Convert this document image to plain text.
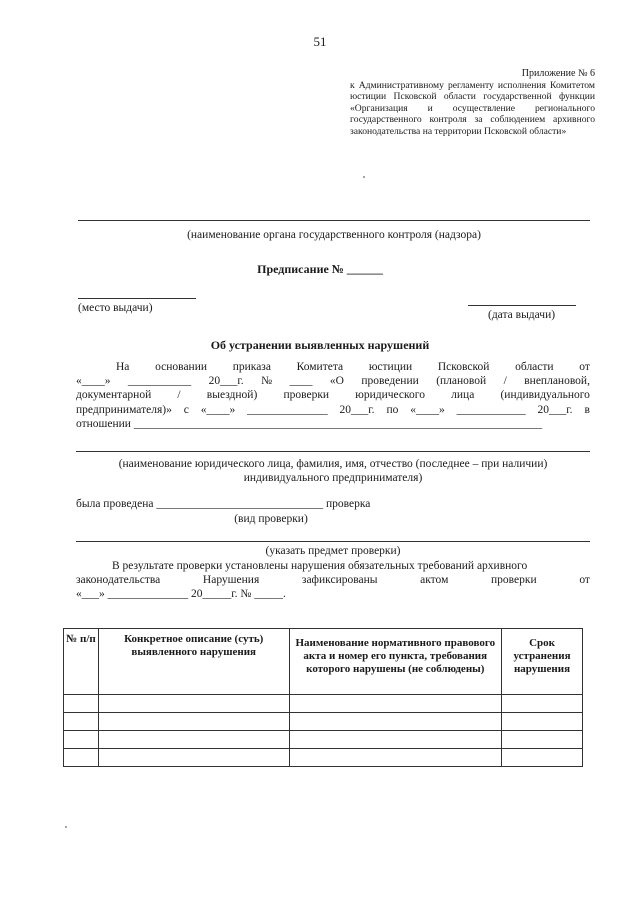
51
Приложение № 6
к Административному регламенту исполнения Комитетом юстиции Псковской области государственной функции «Организация и осуществление регионального государственного контроля за соблюдением архивного законодательства на территории Псковской области»
(наименование органа государственного контроля (надзора)
Предписание № ______
(место выдачи)
(дата выдачи)
Об устранении выявленных нарушений
На основании приказа Комитета юстиции Псковской области от
«____» ___________ 20___г. № ____ «О проведении (плановой / внеплановой,
документарной / выездной) проверки юридического лица (индивидуального
предпринимателя)» с «____» ______________ 20___г. по «____» ____________ 20___г. в
отношении _______________________________________________________________________
(наименование юридического лица, фамилия, имя, отчество (последнее – при наличии)
индивидуального предпринимателя)
была проведена _____________________________ проверка
(вид проверки)
(указать предмет проверки)
В результате проверки установлены нарушения обязательных требований архивного
законодательства	Нарушения	зафиксированы	актом	проверки	от
«___» ______________ 20_____г. № _____.
№ п/п	Конкретное описание (суть) выявленного нарушения	Наименование нормативного правового акта и номер его пункта, требования которого нарушены (не соблюдены)	Срок устранения нарушения
